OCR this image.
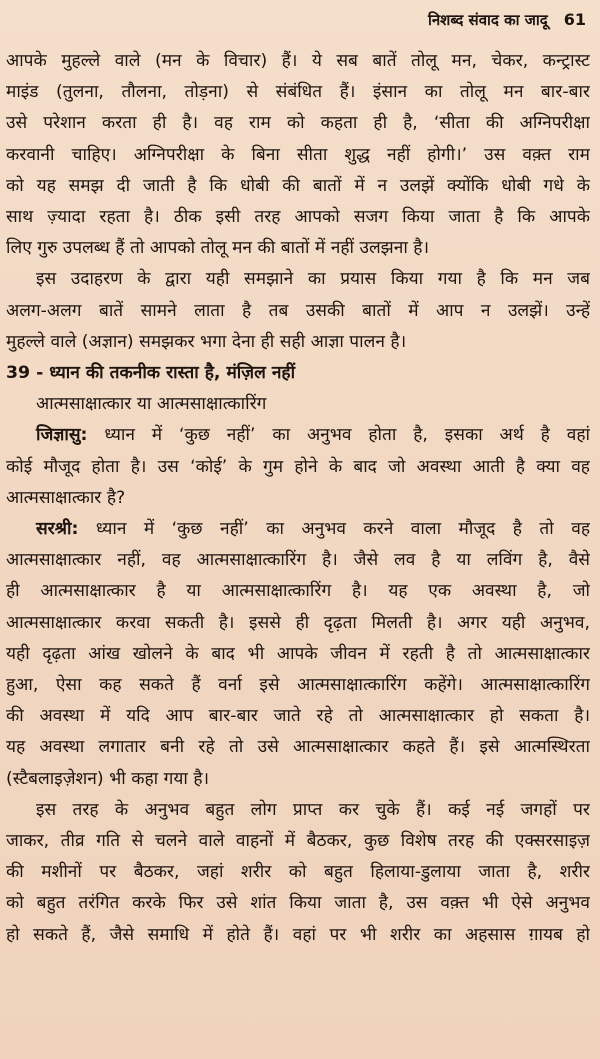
निशब्द संवाद का जादू 61
आपके मुहल्ले वाले (मन के विचार) हैं। ये सब बातें तोलू मन, चेकर, कन्ट्रास्ट
माइंड (तुलना, तौलना, तोड़ना) से संबंधित हैं। इंसान का तोलू मन बार-बार
उसे परेशान करता ही है। वह राम को कहता ही है, ‘सीता की अग्निपरीक्षा
करवानी चाहिए। अग्निपरीक्षा के बिना सीता शुद्ध नहीं होगी।’ उस वक़्त राम
को यह समझ दी जाती है कि धोबी की बातों में न उलझें क्योंकि धोबी गधे के
साथ ज़्यादा रहता है। ठीक इसी तरह आपको सजग किया जाता है कि आपके
लिए गुरु उपलब्ध हैं तो आपको तोलू मन की बातों में नहीं उलझना है।
इस उदाहरण के द्वारा यही समझाने का प्रयास किया गया है कि मन जब
अलग-अलग बातें सामने लाता है तब उसकी बातों में आप न उलझें। उन्हें
मुहल्ले वाले (अज्ञान) समझकर भगा देना ही सही आज्ञा पालन है।
39 - ध्यान की तकनीक रास्ता है, मंज़िल नहीं
आत्मसाक्षात्कार या आत्मसाक्षात्कारिंग
जिज्ञासु: ध्यान में ‘कुछ नहीं’ का अनुभव होता है, इसका अर्थ है वहां
कोई मौजूद होता है। उस ‘कोई’ के गुम होने के बाद जो अवस्था आती है क्या वह
आत्मसाक्षात्कार है?
सरश्री: ध्यान में ‘कुछ नहीं’ का अनुभव करने वाला मौजूद है तो वह
आत्मसाक्षात्कार नहीं, वह आत्मसाक्षात्कारिंग है। जैसे लव है या लविंग है, वैसे
ही आत्मसाक्षात्कार है या आत्मसाक्षात्कारिंग है। यह एक अवस्था है, जो
आत्मसाक्षात्कार करवा सकती है। इससे ही दृढ़ता मिलती है। अगर यही अनुभव,
यही दृढ़ता आंख खोलने के बाद भी आपके जीवन में रहती है तो आत्मसाक्षात्कार
हुआ, ऐसा कह सकते हैं वर्ना इसे आत्मसाक्षात्कारिंग कहेंगे। आत्मसाक्षात्कारिंग
की अवस्था में यदि आप बार-बार जाते रहे तो आत्मसाक्षात्कार हो सकता है।
यह अवस्था लगातार बनी रहे तो उसे आत्मसाक्षात्कार कहते हैं। इसे आत्मस्थिरता
(स्टैबलाइज़ेशन) भी कहा गया है।
इस तरह के अनुभव बहुत लोग प्राप्त कर चुके हैं। कई नई जगहों पर
जाकर, तीव्र गति से चलने वाले वाहनों में बैठकर, कुछ विशेष तरह की एक्सरसाइज़
की मशीनों पर बैठकर, जहां शरीर को बहुत हिलाया-डुलाया जाता है, शरीर
को बहुत तरंगित करके फिर उसे शांत किया जाता है, उस वक़्त भी ऐसे अनुभव
हो सकते हैं, जैसे समाधि में होते हैं। वहां पर भी शरीर का अहसास ग़ायब हो
